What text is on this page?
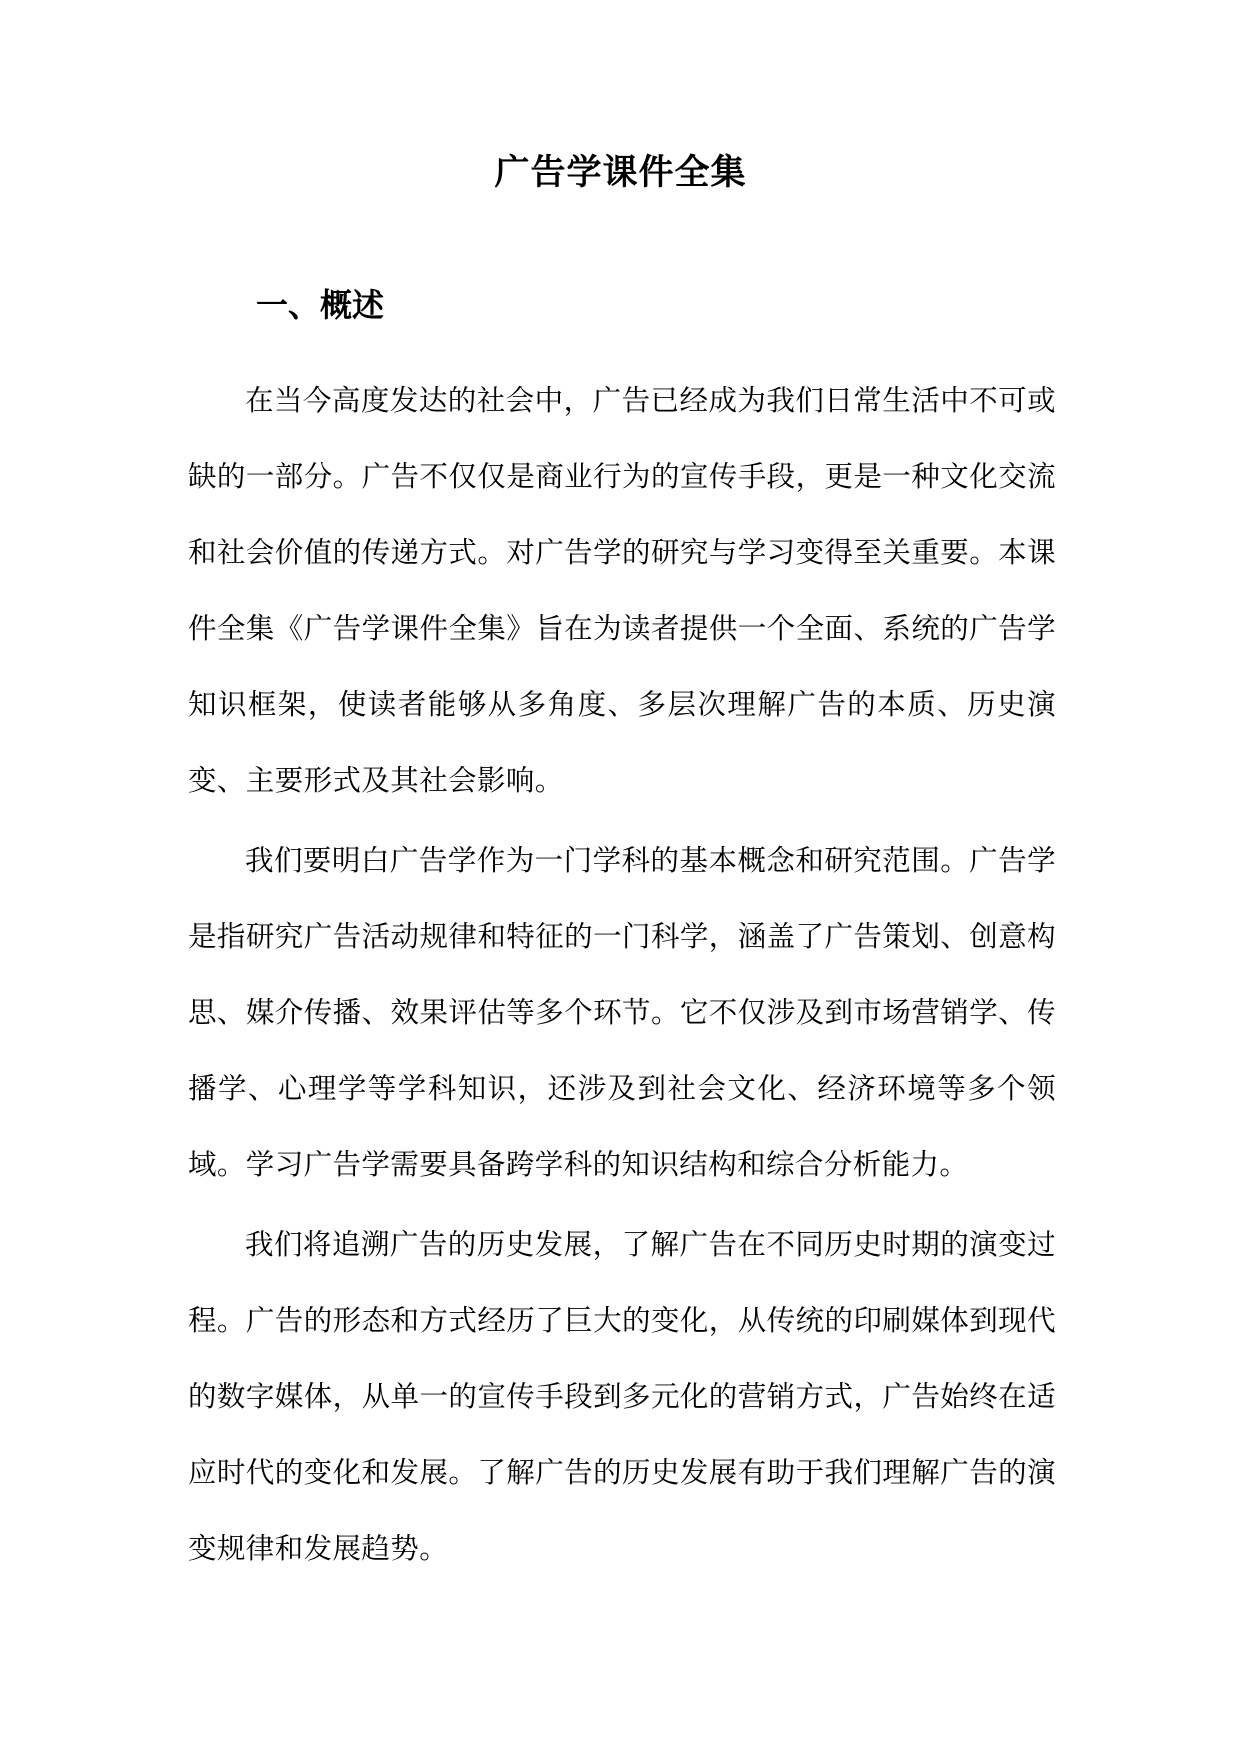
广告学课件全集
一、概述

在当今高度发达的社会中，广告已经成为我们日常生活中不可或缺的一部分。广告不仅仅是商业行为的宣传手段，更是一种文化交流和社会价值的传递方式。对广告学的研究与学习变得至关重要。本课件全集《广告学课件全集》旨在为读者提供一个全面、系统的广告学知识框架，使读者能够从多角度、多层次理解广告的本质、历史演变、主要形式及其社会影响。

我们要明白广告学作为一门学科的基本概念和研究范围。广告学是指研究广告活动规律和特征的一门科学，涵盖了广告策划、创意构思、媒介传播、效果评估等多个环节。它不仅涉及到市场营销学、传播学、心理学等学科知识，还涉及到社会文化、经济环境等多个领域。学习广告学需要具备跨学科的知识结构和综合分析能力。

我们将追溯广告的历史发展，了解广告在不同历史时期的演变过程。广告的形态和方式经历了巨大的变化，从传统的印刷媒体到现代的数字媒体，从单一的宣传手段到多元化的营销方式，广告始终在适应时代的变化和发展。了解广告的历史发展有助于我们理解广告的演变规律和发展趋势。
